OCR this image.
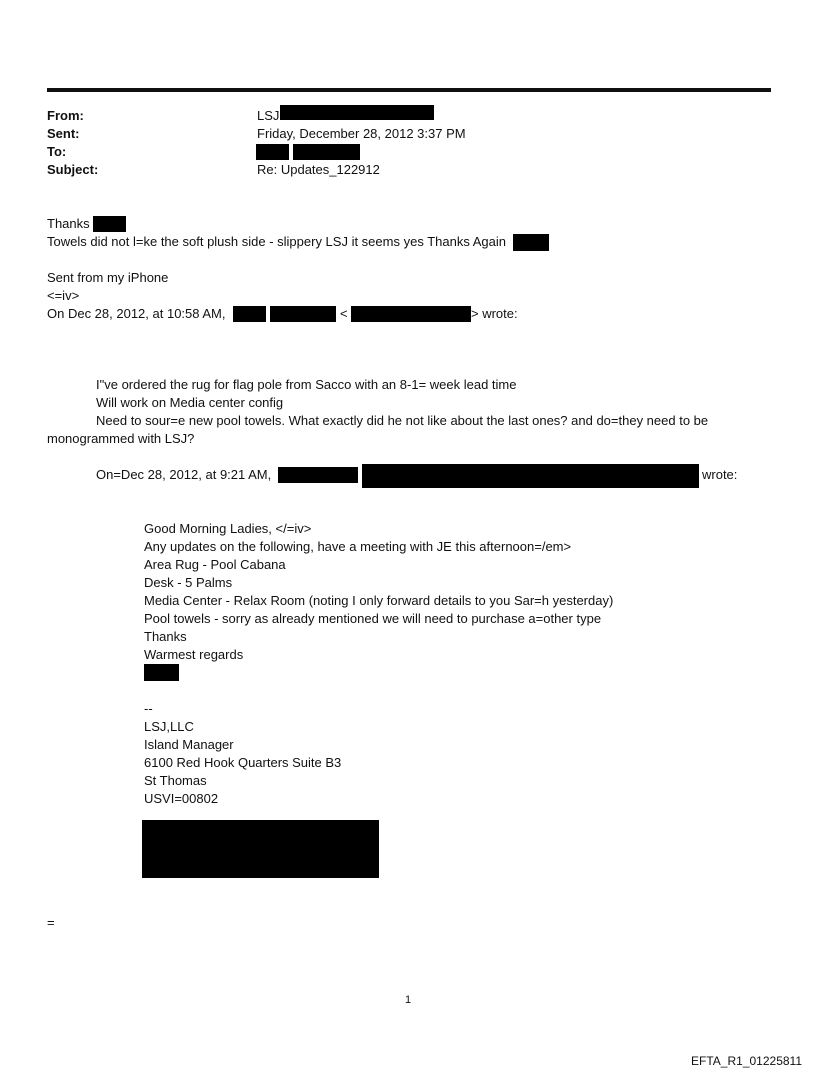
From:	LSJ
Sent:	Friday, December 28, 2012 3:37 PM
To:
Subject:	Re: Updates_122912
Thanks
Towels did not l=ke the soft plush side - slippery LSJ it seems yes Thanks Again
Sent from my iPhone
<=iv>
On Dec 28, 2012, at 10:58 AM,	<	> wrote:
I"ve ordered the rug for flag pole from Sacco with an 8-1= week lead time
Will work on Media center config
Need to sour=e new pool towels. What exactly did he not like about the last ones? and do=they need to be
monogrammed with LSJ?
On=Dec 28, 2012, at 9:21 AM,	wrote:
Good Morning Ladies, </=iv>
Any updates on the following, have a meeting with JE this afternoon=/em>
Area Rug - Pool Cabana
Desk - 5 Palms
Media Center - Relax Room (noting I only forward details to you Sar=h yesterday)
Pool towels - sorry as already mentioned we will need to purchase a=other type
Thanks
Warmest regards
--
LSJ,LLC
Island Manager
6100 Red Hook Quarters Suite B3
St Thomas
USVI=00802
=
1
EFTA_R1_01225811
